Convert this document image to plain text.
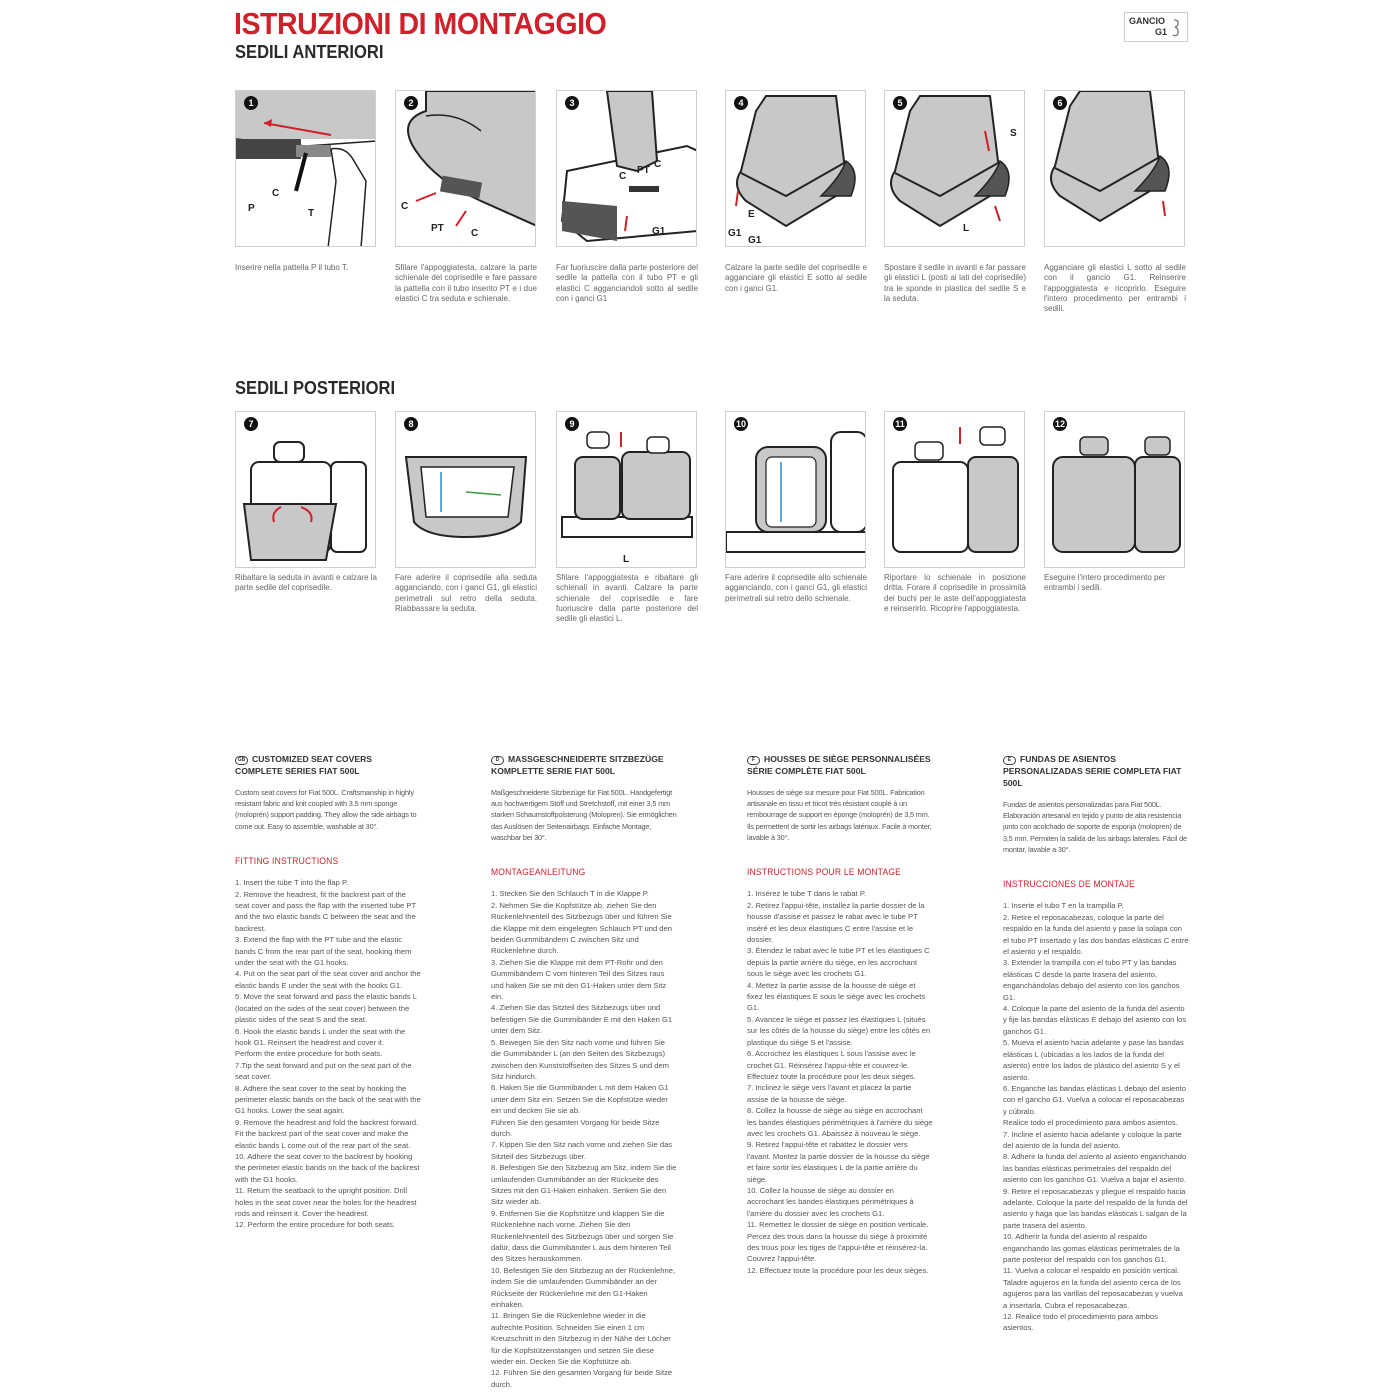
ISTRUZIONI DI MONTAGGIO
SEDILI ANTERIORI
GANCIO
G1
SEDILI POSTERIORI
1
P
C
T
Inserire nella pattella P il tubo T.
2
C
PT	C
Sfilare l'appoggiatesta, calzare la parte schienale del coprisedile e fare passare la pattella con il tubo inserito PT e i due elastici C tra seduta e schienale.
3
C
PT
C
G1
Far fuoriuscire dalla parte posteriore del sedile la pattella con il tubo PT e gli elastici C agganciandoli sotto al sedile con i ganci G1
4
E
G1
G1
Calzare la parte sedile del coprisedile e agganciare gli elastici E sotto al sedile con i ganci G1.
5
S
L
Spostare il sedile in avanti e far passare gli elastici L (posti ai lati del coprisedile) tra le sponde in plastica del sedile S e la seduta.
6
Agganciare gli elastici L sotto al sedile con il gancio G1. Reinserire l'appoggiatesta e ricoprirlo. Eseguire l'intero procedimento per entrambi i sedili.
7
Ribaltare la seduta in avanti e calzare la parte sedile del coprisedile.
8
Fare aderire il coprisedile alla seduta agganciando, con i ganci G1, gli elastici perimetrali sul retro della seduta. Riabbassare la seduta.
9
L
Sfilare l'appoggiatesta e ribaltare gli schienali in avanti. Calzare la parte schienale del coprisedile e fare fuoriuscire dalla parte posteriore del sedile gli elastici L.
10
Fare aderire il coprisedile allo schienale agganciando, con i ganci G1, gli elastici perimetrali sul retro dello schienale.
11
Riportare lo schienale in posizione dritta. Forare il coprisedile in prossimità dei buchi per le aste dell'appoggiatesta e reinserirlo. Ricoprire l'appoggiatesta.
12
Eseguire l'intero procedimento per entrambi i sedili.
GB CUSTOMIZED SEAT COVERS COMPLETE SERIES FIAT 500L

Custom seat covers for Fiat 500L. Craftsmanship in highly resistant fabric and knit coupled with 3.5 mm sponge (moloprén) support padding. They allow the side airbags to come out. Easy to assemble, washable at 30°.

FITTING INSTRUCTIONS
1. Insert the tube T into the flap P.
2. Remove the headrest, fit the backrest part of the seat cover and pass the flap with the inserted tube PT and the two elastic bands C between the seat and the backrest.
3. Extend the flap with the PT tube and the elastic bands C from the rear part of the seat, hooking them under the seat with the G1 hooks.
4. Put on the seat part of the seat cover and anchor the elastic bands E under the seat with the hooks G1.
5. Move the seat forward and pass the elastic bands L (located on the sides of the seat cover) between the plastic sides of the seat S and the seat.
6. Hook the elastic bands L under the seat with the hook G1. Reinsert the headrest and cover it.
Perform the entire procedure for both seats.
7.Tip the seat forward and put on the seat part of the seat cover.
8. Adhere the seat cover to the seat by hooking the perimeter elastic bands on the back of the seat with the G1 hooks. Lower the seat again.
9. Remove the headrest and fold the backrest forward. Fit the backrest part of the seat cover and make the elastic bands L come out of the rear part of the seat.
10. Adhere the seat cover to the backrest by hooking the perimeter elastic bands on the back of the backrest with the G1 hooks.
11. Return the seatback to the upright position. Drill holes in the seat cover near the holes for the headrest rods and reinsert it. Cover the headrest.
12. Perform the entire procedure for both seats.
D MASSGESCHNEIDERTE SITZBEZÜGE KOMPLETTE SERIE FIAT 500L

Maßgeschneiderte Sitzbezüge für Fiat 500L. Handgefertigt aus hochwertigem Stoff und Stretchstoff, mit einer 3,5 mm starken Schaumstoffpolsterung (Molopren). Sie ermöglichen das Auslösen der Seitenairbags. Einfache Montage, waschbar bei 30°.

MONTAGEANLEITUNG
1. Stecken Sie den Schlauch T in die Klappe P.
2. Nehmen Sie die Kopfstütze ab, ziehen Sie den Rückenlehnenteil des Sitzbezugs über und führen Sie die Klappe mit dem eingelegten Schlauch PT und den beiden Gummibändern C zwischen Sitz und Rückenlehne durch.
3. Ziehen Sie die Klappe mit dem PT-Rohr und den Gummibändern C vom hinteren Teil des Sitzes raus und haken Sie sie mit den G1-Haken unter dem Sitz ein.
4. Ziehen Sie das Sitzteil des Sitzbezugs über und befestigen Sie die Gummibänder E mit den Haken G1 unter dem Sitz.
5. Bewegen Sie den Sitz nach vorne und führen Sie die Gummibänder L (an den Seiten des Sitzbezugs) zwischen den Kunststoffseiten des Sitzes S und dem Sitz hindurch.
6. Haken Sie die Gummibänder L mit dem Haken G1 unter dem Sitz ein. Setzen Sie die Kopfstütze wieder ein und decken Sie sie ab.
Führen Sie den gesamten Vorgang für beide Sitze durch.
7. Kippen Sie den Sitz nach vorne und ziehen Sie das Sitzteil des Sitzbezugs über.
8. Befestigen Sie den Sitzbezug am Sitz, indem Sie die umlaufenden Gummibänder an der Rückseite des Sitzes mit den G1-Haken einhaken. Senken Sie den Sitz wieder ab.
9. Entfernen Sie die Kopfstütze und klappen Sie die Rückenlehne nach vorne. Ziehen Sie den Rückenlehnenteil des Sitzbezugs über und sorgen Sie dafür, dass die Gummibänder L aus dem hinteren Teil des Sitzes herauskommen.
10. Befestigen Sie den Sitzbezug an der Rückenlehne, indem Sie die umlaufenden Gummibänder an der Rückseite der Rückenlehne mit den G1-Haken einhaken.
11. Bringen Sie die Rückenlehne wieder in die aufrechte Position. Schneiden Sie einen 1 cm Kreuzschnitt in den Sitzbezug in der Nähe der Löcher für die Kopfstützenstangen und setzen Sie diese wieder ein. Decken Sie die Kopfstütze ab.
12. Führen Sie den gesamten Vorgang für beide Sitze durch.
F HOUSSES DE SIÈGE PERSONNALISÉES SÉRIE COMPLÈTE FIAT 500L

Housses de siège sur mesure pour Fiat 500L. Fabrication artisanale en tissu et tricot très résistant couplé à un rembourrage de support en éponge (moloprén) de 3,5 mm. Ils permettent de sortir les airbags latéraux. Facile à monter, lavable à 30°.

INSTRUCTIONS POUR LE MONTAGE
1. Insérez le tube T dans le rabat P.
2. Retirez l'appui-tête, installez la partie dossier de la housse d'assise et passez le rabat avec le tube PT inséré et les deux élastiques C entre l'assise et le dossier.
3. Étendez le rabat avec le tube PT et les élastiques C depuis la partie arrière du siège, en les accrochant sous le siège avec les crochets G1.
4. Mettez la partie assise de la housse de siège et fixez les élastiques E sous le siège avec les crochets G1.
5. Avancez le siège et passez les élastiques L (situés sur les côtés de la housse du siège) entre les côtés en plastique du siège S et l'assise.
6. Accrochez les élastiques L sous l'assise avec le crochet G1. Réinsérez l'appui-tête et couvrez-le.
Effectuez toute la procédure pour les deux sièges.
7. Inclinez le siège vers l'avant et placez la partie assise de la housse de siège.
8. Collez la housse de siège au siège en accrochant les bandes élastiques périmétriques à l'arrière du siège avec les crochets G1. Abaissez à nouveau le siège.
9. Retirez l'appui-tête et rabattez le dossier vers l'avant. Montez la partie dossier de la housse du siège et faire sortir les élastiques L de la partie arrière du siège.
10. Collez la housse de siège au dossier en accrochant les bandes élastiques périmétriques à l'arrière du dossier avec les crochets G1.
11. Remettez le dossier de siège en position verticale. Percez des trous dans la housse du siège à proximité des trous pour les tiges de l'appui-tête et réinsérez-la. Couvrez l'appui-tête.
12. Effectuez toute la procédure pour les deux sièges.
E FUNDAS DE ASIENTOS PERSONALIZADAS SERIE COMPLETA FIAT 500L

Fundas de asientos personalizadas para Fiat 500L. Elaboración artesanal en tejido y punto de alta resistencia junto con acolchado de soporte de esponja (molopren) de 3,5 mm. Permiten la salida de los airbags laterales. Fácil de montar, lavable a 30°.

INSTRUCCIONES DE MONTAJE
1. Inserte el tubo T en la trampilla P.
2. Retire el reposacabezas, coloque la parte del respaldo en la funda del asiento y pase la solapa con el tubo PT insertado y las dos bandas elásticas C entre el asiento y el respaldo.
3. Extender la trampilla con el tubo PT y las bandas elásticas C desde la parte trasera del asiento, enganchándolas debajo del asiento con los ganchos G1.
4. Coloque la parte del asiento de la funda del asiento y fije las bandas elásticas E debajo del asiento con los ganchos G1.
5. Mueva el asiento hacia adelante y pase las bandas elásticas L (ubicadas a los lados de la funda del asiento) entre los lados de plástico del asiento S y el asiento.
6. Enganche las bandas elásticas L debajo del asiento con el gancho G1. Vuelva a colocar el reposacabezas y cúbralo.
Realice todo el procedimiento para ambos asientos.
7. Incline el asiento hacia adelante y coloque la parte del asiento de la funda del asiento.
8. Adherir la funda del asiento al asiento enganchando las bandas elásticas perimetrales del respaldo del asiento con los ganchos G1. Vuelva a bajar el asiento.
9. Retire el reposacabezas y pliegue el respaldo hacia adelante. Coloque la parte del respaldo de la funda del asiento y haga que las bandas elásticas L salgan de la parte trasera del asiento.
10. Adherir la funda del asiento al respaldo enganchando las gomas elásticas perimetrales de la parte posterior del respaldo con los ganchos G1.
11. Vuelva a colocar el respaldo en posición vertical. Taladre agujeros en la funda del asiento cerca de los agujeros para las varillas del reposacabezas y vuelva a insertarla. Cubra el reposacabezas.
12. Realice todo el procedimiento para ambos asientos.
